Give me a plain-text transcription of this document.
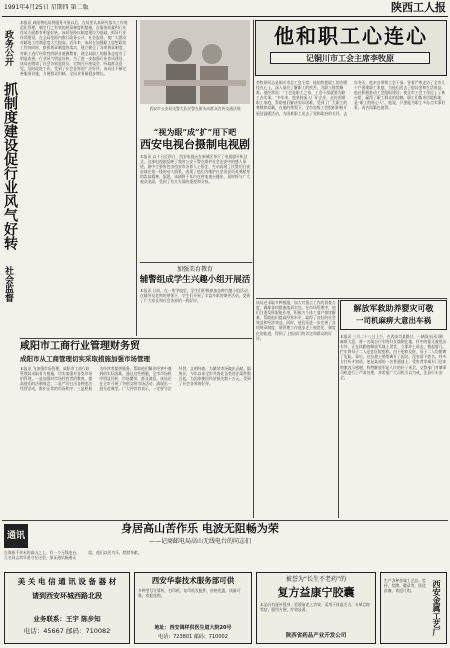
1991年4月25日 星期四 第二版	陕西工人报
政务公开
抓制度建设促行业风气好转
社会监督
本报讯 咸阳物电局将服务开展以后，在局里认真研究落实工作规范化管理，制定行之有效的规章制度和措施，在服务质量和行业作风方面都有明显好转。该局坚持以制度建设为基础，抓好行业作风建设，在全局范围内推行政务公开、社会监督，使广大群众对邮电工作满意度大大提高。近年来，该局在加强职工思想政治工作的同时，狠抓规章制度的落实，建立健全了各项规章制度，对职工进行经常性的职业道德教育，使全局职工的服务态度有了明显改善，行业风气明显好转。为了进一步加强行业作风建设，该局还聘请了社会各界监督员，定期召开座谈会，听取群众意见，及时改进工作，受到了社会各界的广泛好评。该局还不断完善服务设施，方便群众用邮，全局业务量稳步增长。
他和职工心连心
记铜川市工会主席李牧原
西安市公安局交警大队民警在街头向群众宣传交通法规
“视为眼”成“扩”用下吧
西安电视台摄制电视剧
本报讯 以十日至四日，西安电视台在新城区举行了电视剧开机仪式。这部电视剧反映了我省公安干警在维护社会治安中的感人事迹。剧中主要角色由西安市各界人士担任，生动再现了民警们日夜奋战在第一线的动人情景，表现了他们为维护社会治安而英勇献身的崇高精神。据悉，该剧将于年内在省电视台播出，届时将与广大观众见面，受到了有关方面的重视和支持。
加强美育教育
辅警组成学生兴趣小组开展活
本报讯 日前，在一所学校里，学生们积极参加各种兴趣小组活动，在辅导员老师的带领下，学生们开展了丰富多彩的课外活动，受到了广大家长和社会各界的一致好评。
李牧原同志是铜川市总工会主席，他始终把职工的冷暖挂在心上，深入基层了解职工的疾苦，为职工排忧解难。他经常说：“工会是职工之家，工会干部就要为职工办实事。”多年来，他坚持深入厂矿企业，走访困难职工家庭，帮助他们解决实际困难，受到了广大职工的尊敬和爱戴。在他的带领下，全市各级工会组织积极开展送温暖活动，为困难职工送去了党和政府的关怀。去年冬天，他亲自带领工会干部，冒着严寒走访了全市几十户困难职工家庭，为他们送去了慰问金和生活用品。他还积极推动工会组织建设，使全市工会工作迈上了新台阶，赢得了职工群众的信赖。职工们都亲切地称他是“职工的贴心人”。他说，只要能为职工多办点实事好事，再苦再累也值得。
解放军救助养婴灾可敬
一司机麻痹大意出车祸
本报讯 三月二十八日上午，在西安市某路口，一辆货车因司机麻痹大意，将一名骑自行车的妇女撞倒在地，怀中的婴儿被甩出车外。正在执勤的解放军战士见状，立即冲上前去，抱起婴儿，拦车将母子二人送往医院抢救。由于抢救及时，母子二人均脱离了危险。事后，这位战士悄悄离开了医院，没有留下姓名。经多方打听才知道，他是某部的一名普通战士。受害者家属专门送来锦旗表示感谢，称赞解放军是人民的好子弟兵。交警部门对肇事司机进行了严肃处理，并希望广大司机引以为戒，注意行车安全。
该局还采取多种措施，加大对重点工作的督查力度，确保各项措施落到实处。在市场管理中，他们注重发挥职能作用，积极为个体工商户排忧解难，帮助他们提高经营水平，取得了良好的社会效益和经济效益。同时，他们还进一步完善了各项规章制度，使管理工作逐步走上规范化、制度化的轨道，得到了上级部门的肯定和群众的好评。
咸阳市工商行业管理财务贸
成阳市从工商管理切实采取措施加强市场管理
本报讯 为加强市场管理，咸阳市工商行政管理局采取有力措施，切实加强对各类市场的管理。一是加强对市场经营者的教育，提高他们的法制观念；二是严厉打击各种违法经营活动，维护正常的市场秩序；三是积极为经营者提供服务，帮助他们解决经营中遇到的实际困难。通过这些措施，全市市场秩序明显好转，市场繁荣，群众满意。该局还在全市开展了争创文明市场活动，涌现出一批先进典型。广大经营者表示，一定要守法经营，文明经商，为繁荣市场做出贡献。据统计，今年以来全市共查处各类违法案件数百起，为国家挽回经济损失数十万元，受到了社会各界的好评。
通讯
身居高山苦作乐 电波无阻畅为荣
——记商邮电局高山无线电台的同志们
在海拔千余米的高山之上，有一个无线电台，几名同志常年坚守在这里，保证通讯畅通无阻，他们以苦为乐，默默奉献。
美 关 电 信 通 讯 设 备 器 材
请到西安环城西路北段
业务联系：王宇 陈步知
电话：45667 邮码：710082
西安华泰技术服务部可供
多种型号计算机、打印机、复印机及配件，价格优惠，质量可靠，欢迎选购。
地址：西安调样供医生道大院20号
电话：723801 邮码：710002
被誉为“长生不老药”的
复方益康宁胶囊
本品具有滋补强身、延缓衰老之功效，适用于体虚乏力、头晕目眩等症，服用方便，疗效显著。
陕西省药品产业开发公司	西安金属工艺厂
生产各种金属工艺品、奖杯、奖牌、徽章等，质优价廉，欢迎订购。
